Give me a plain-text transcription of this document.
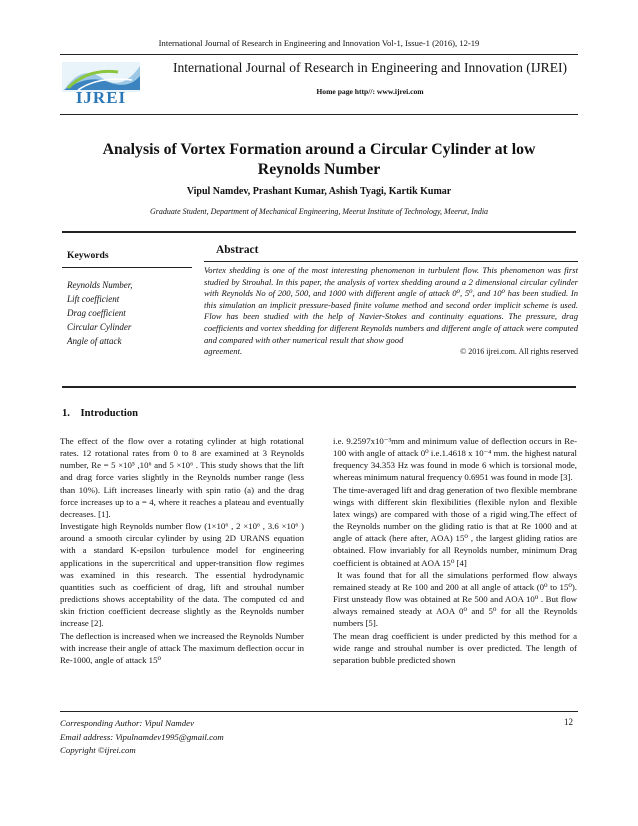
International Journal of Research in Engineering and Innovation Vol-1, Issue-1 (2016), 12-19
IJREI
International Journal of Research in Engineering and Innovation (IJREI)
Home page http//: www.ijrei.com
Analysis of Vortex Formation around a Circular Cylinder at low
Reynolds Number
Vipul Namdev, Prashant Kumar, Ashish Tyagi, Kartik Kumar
Graduate Student, Department of Mechanical Engineering, Meerut Institute of Technology, Meerut, India
Keywords
Reynolds Number,
Lift coefficient
Drag coefficient
Circular Cylinder
Angle of attack
Abstract
Vortex shedding is one of the most interesting phenomenon in turbulent flow. This phenomenon was first studied by Strouhal. In this paper, the analysis of vortex shedding around a 2 dimensional circular cylinder with Reynolds No of 200, 500, and 1000 with different angle of attack 0⁰, 5⁰, and 10⁰ has been studied. In this simulation an implicit pressure-based finite volume method and second order implicit scheme is used. Flow has been studied with the help of Navier-Stokes and continuity equations. The pressure, drag coefficients and vortex shedding for different Reynolds numbers and different angle of attack were computed and compared with other numerical result that show good
agreement.	© 2016 ijrei.com. All rights reserved
1.    Introduction

The effect of the flow over a rotating cylinder at high rotational rates. 12 rotational rates from 0 to 8 are examined at 3 Reynolds number, Re = 5 ×10⁵ ,10⁶ and 5 ×10⁶ . This study shows that the lift and drag force varies slightly in the Reynolds number range (less than 10%). Lift increases linearly with spin ratio (a) and the drag force increases up to a = 4, where it reaches a plateau and eventually decreases. [1].

Investigate high Reynolds number flow (1×10⁶ , 2 ×10⁶ , 3.6 ×10⁶ ) around a smooth circular cylinder by using 2D URANS equation with a standard K-epsilon turbulence model for engineering applications in the supercritical and upper-transition flow regimes was examined in this research. The essential hydrodynamic quantities such as coefficient of drag, lift and strouhal number predictions shows acceptability of the data. The computed cd and skin friction coefficient decrease slightly as the Reynolds number increase [2].

The deflection is increased when we increased the Reynolds Number with increase their angle of attack The maximum deflection occur in Re-1000, angle of attack 15⁰

i.e. 9.2597x10⁻³mm and minimum value of deflection occurs in Re-100 with angle of attack 0⁰ i.e.1.4618 x 10⁻⁴ mm. the highest natural frequency 34.353 Hz was found in mode 6 which is torsional mode, whereas minimum natural frequency 0.6951 was found in mode [3].

The time-averaged lift and drag generation of two flexible membrane wings with different skin flexibilities (flexible nylon and flexible latex wings) are compared with those of a rigid wing.The effect of the Reynolds number on the gliding ratio is that at Re 1000 and at angle of attack (here after, AOA) 15⁰ , the largest gliding ratios are obtained. Flow invariably for all Reynolds number, minimum Drag coefficient is obtained at AOA 15⁰ [4]

It was found that for all the simulations performed flow always remained steady at Re 100 and 200 at all angle of attack (0⁰ to 15⁰). First unsteady flow was obtained at Re 500 and AOA 10⁰ . But flow always remained steady at AOA 0⁰ and 5⁰ for all the Reynolds numbers [5].

The mean drag coefficient is under predicted by this method for a wide range and strouhal number is over predicted. The length of separation bubble predicted shown

Corresponding Author: Vipul Namdev
Email address: Vipulnamdev1995@gmail.com
Copyright ©ijrei.com
12
